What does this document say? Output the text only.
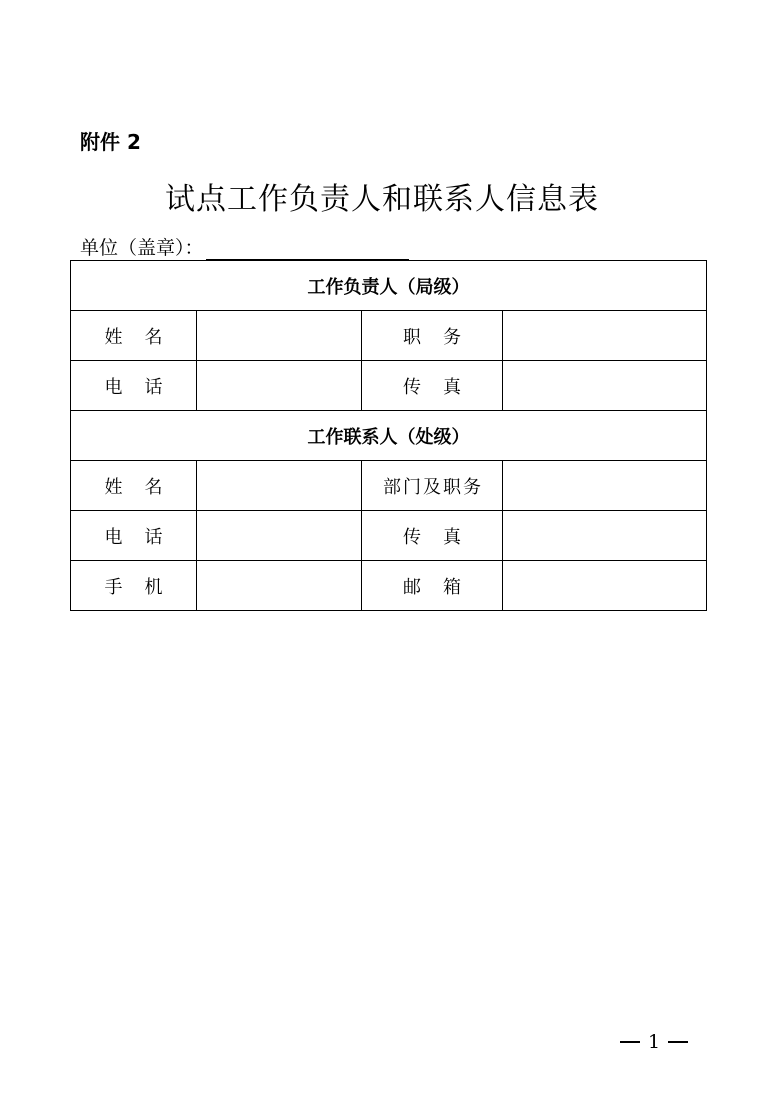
附件 2
试点工作负责人和联系人信息表
单位（盖章）：
工作负责人（局级）			
姓名		职务	
电话		传真	
工作联系人（处级）			
姓名		部门及职务	
电话		传真	
手机		邮箱	
1
